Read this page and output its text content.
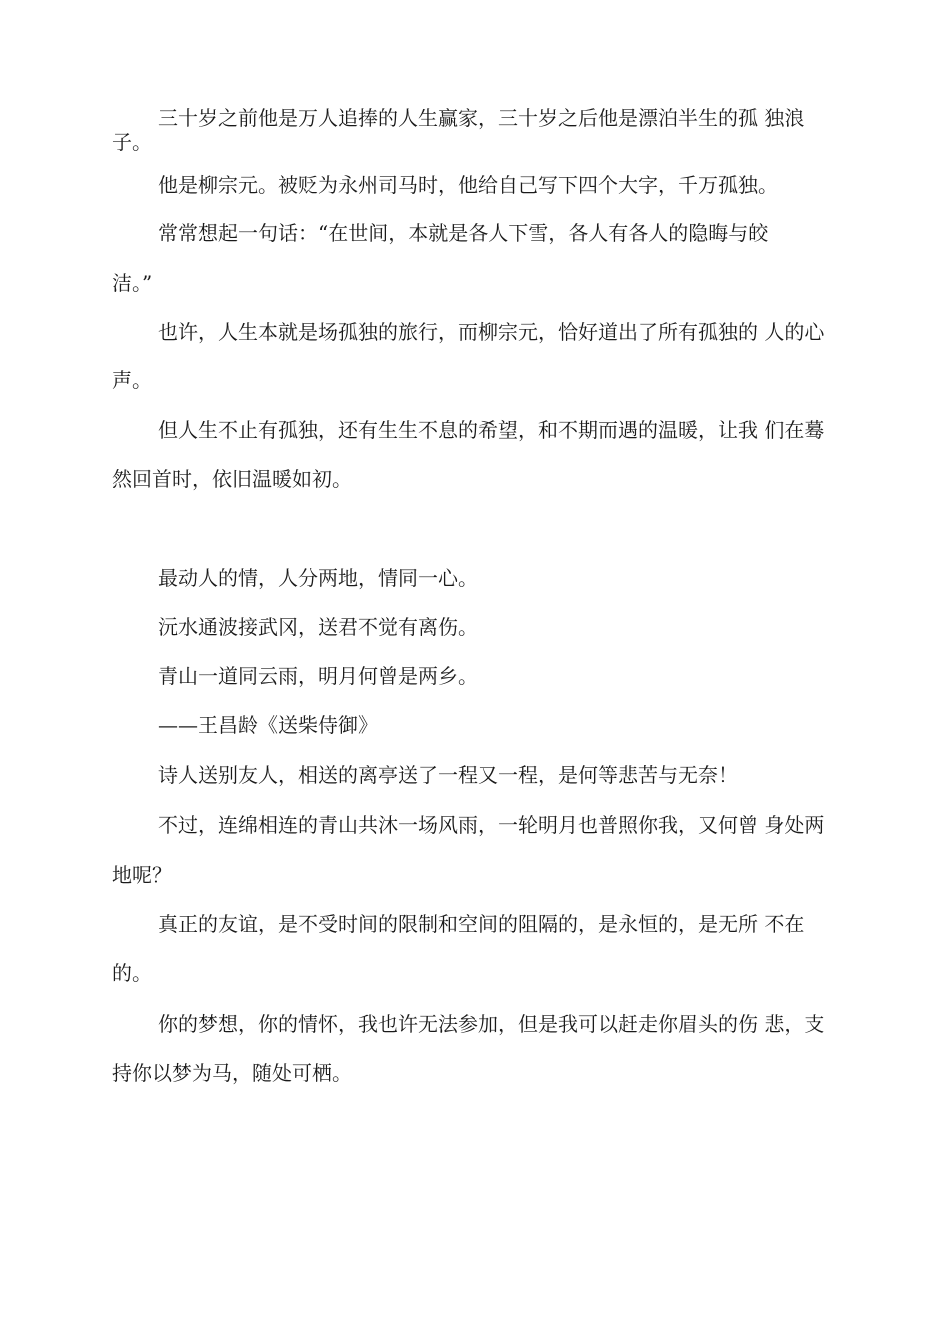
三十岁之前他是万人追捧的人生赢家，三十岁之后他是漂泊半生的孤 独浪

子。

他是柳宗元。被贬为永州司马时，他给自己写下四个大字，千万孤独。

常常想起一句话：“在世间，本就是各人下雪，各人有各人的隐晦与皎

洁。”

也许，人生本就是场孤独的旅行，而柳宗元，恰好道出了所有孤独的 人的心

声。

但人生不止有孤独，还有生生不息的希望，和不期而遇的温暖，让我 们在蓦

然回首时，依旧温暖如初。

最动人的情，人分两地，情同一心。

沅水通波接武冈，送君不觉有离伤。

青山一道同云雨，明月何曾是两乡。

——王昌龄《送柴侍御》

诗人送别友人，相送的离亭送了一程又一程，是何等悲苦与无奈！

不过，连绵相连的青山共沐一场风雨，一轮明月也普照你我，又何曾 身处两

地呢？

真正的友谊，是不受时间的限制和空间的阻隔的，是永恒的，是无所 不在

的。

你的梦想，你的情怀，我也许无法参加，但是我可以赶走你眉头的伤 悲，支

持你以梦为马，随处可栖。
